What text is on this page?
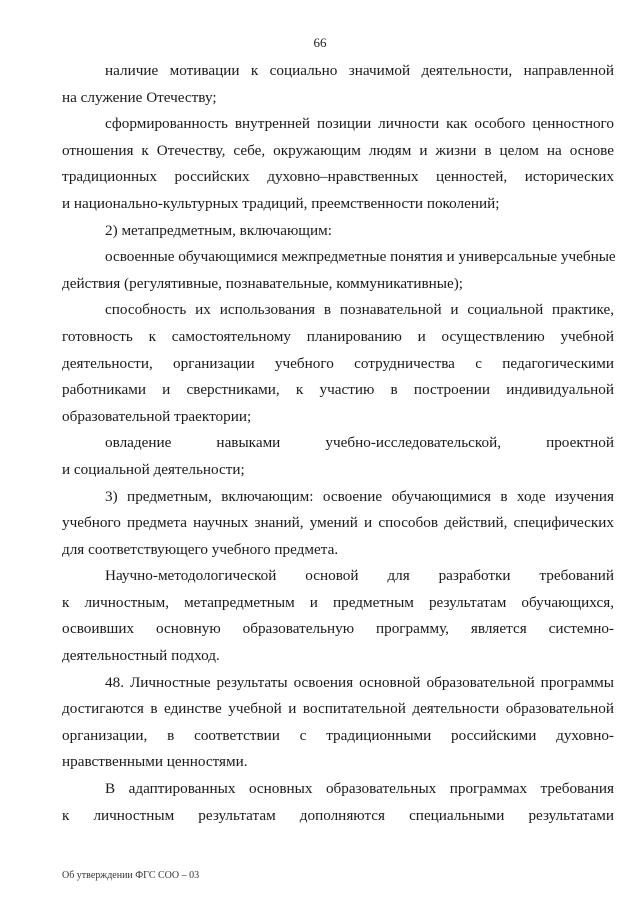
66
наличие мотивации к социально значимой деятельности, направленной
на служение Отечеству;
сформированность внутренней позиции личности как особого ценностного
отношения к Отечеству, себе, окружающим людям и жизни в целом на основе
традиционных российских духовно–нравственных ценностей, исторических
и национально-культурных традиций, преемственности поколений;
2) метапредметным, включающим:
освоенные обучающимися межпредметные понятия и универсальные учебные
действия (регулятивные, познавательные, коммуникативные);
способность их использования в познавательной и социальной практике,
готовность к самостоятельному планированию и осуществлению учебной
деятельности, организации учебного сотрудничества с педагогическими
работниками и сверстниками, к участию в построении индивидуальной
образовательной траектории;
овладение навыками учебно-исследовательской, проектной
и социальной деятельности;
3) предметным, включающим: освоение обучающимися в ходе изучения
учебного предмета научных знаний, умений и способов действий, специфических
для соответствующего учебного предмета.
Научно-методологической основой для разработки требований
к личностным, метапредметным и предметным результатам обучающихся,
освоивших основную образовательную программу, является системно-
деятельностный подход.
48. Личностные результаты освоения основной образовательной программы
достигаются в единстве учебной и воспитательной деятельности образовательной
организации, в соответствии с традиционными российскими духовно-
нравственными ценностями.
В адаптированных основных образовательных программах требования
к личностным результатам дополняются специальными результатами
Об утверждении ФГС СОО – 03
